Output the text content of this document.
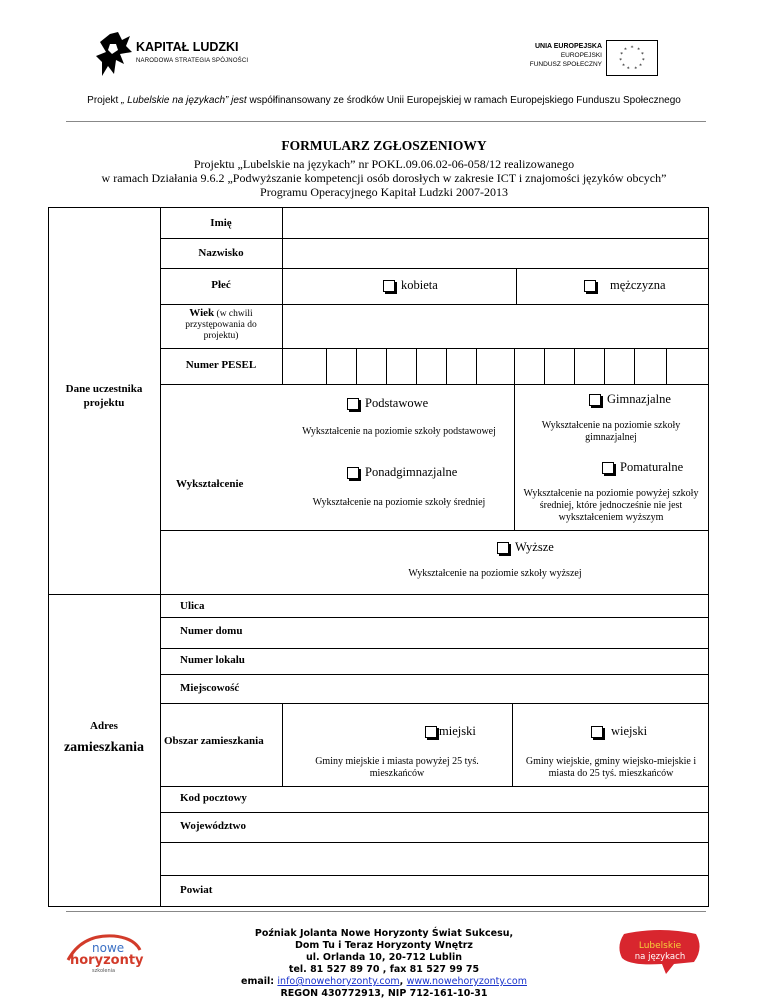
KAPITAŁ LUDZKI
NARODOWA STRATEGIA SPÓJNOŚCI
UNIA EUROPEJSKA
EUROPEJSKI
FUNDUSZ SPOŁECZNY
* *
*
*
*
*
*
*
*
*
*
Projekt „ Lubelskie na językach” jest współfinansowany ze środków Unii Europejskiej w ramach Europejskiego Funduszu Społecznego
FORMULARZ ZGŁOSZENIOWY
Projektu „Lubelskie na językach” nr POKL.09.06.02-06-058/12 realizowanego
w ramach Działania 9.6.2 „Podwyższanie kompetencji osób dorosłych w zakresie ICT i znajomości języków obcych”
Programu Operacyjnego Kapitał Ludzki 2007-2013
Dane uczestnika
projektu
Imię
Nazwisko
Płeć	kobieta	mężczyzna
Wiek (w chwili
przystępowania do
projektu)
Numer PESEL
Wykształcenie
Podstawowe
Wykształcenie na poziomie szkoły podstawowej
Gimnazjalne
Wykształcenie na poziomie szkoły
gimnazjalnej
Ponadgimnazjalne
Wykształcenie na poziomie szkoły średniej
Pomaturalne
Wykształcenie na poziomie powyżej szkoły
średniej, które jednocześnie nie jest
wykształceniem wyższym
Wyższe
Wykształcenie na poziomie szkoły wyższej
Adres
zamieszkania
Ulica
Numer domu
Numer lokalu
Miejscowość
Obszar zamieszkania
miejski
Gminy miejskie i miasta powyżej 25 tyś.
mieszkańców
wiejski
Gminy wiejskie, gminy wiejsko-miejskie i
miasta do 25 tyś. mieszkańców
Kod pocztowy
Województwo
Powiat
nowe
horyzonty
szkolenia
Poźniak Jolanta Nowe Horyzonty Świat Sukcesu,
Dom Tu i Teraz Horyzonty Wnętrz
ul. Orlanda 10, 20-712 Lublin
tel. 81 527 89 70 , fax 81 527 99 75
email: info@nowehoryzonty.com, www.nowehoryzonty.com
REGON 430772913, NIP 712-161-10-31
Lubelskie
na językach
